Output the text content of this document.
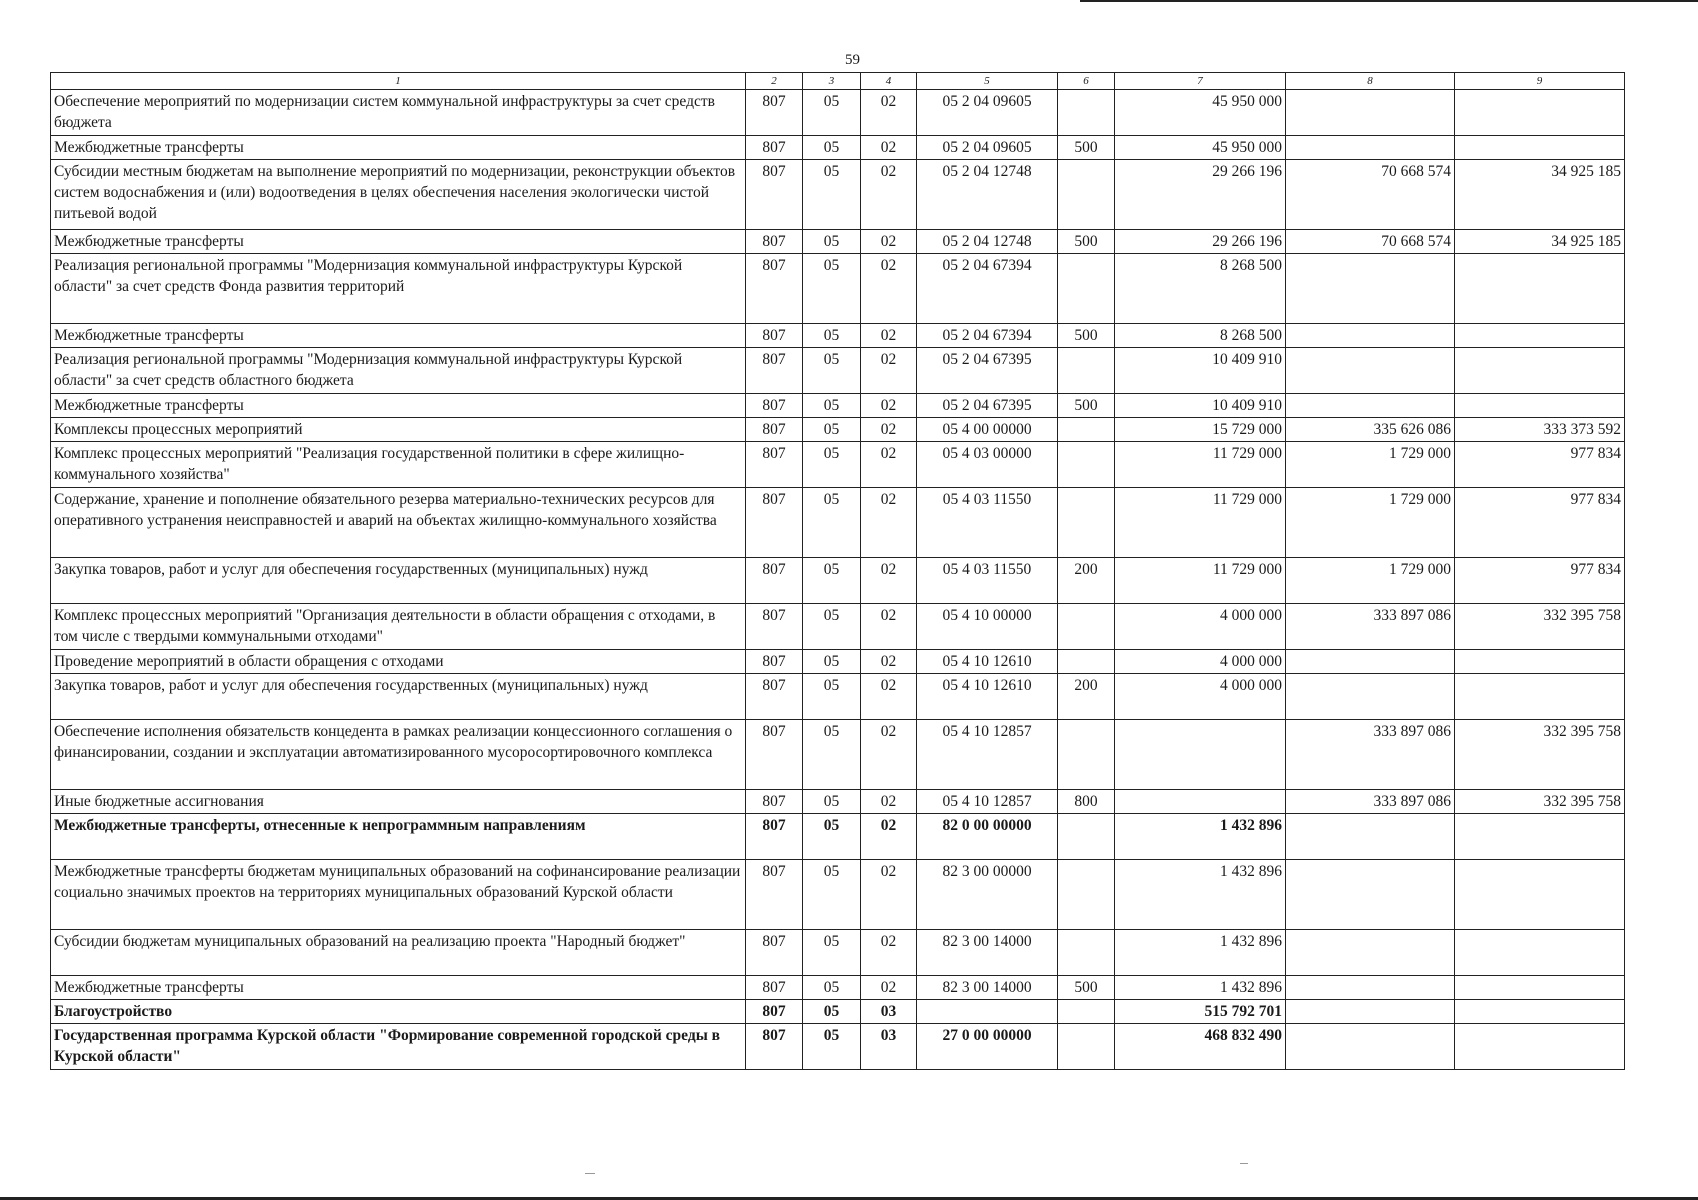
59
1	2	3	4	5	6	7	8	9
Обеспечение мероприятий по модернизации систем коммунальной инфраструктуры за счет средств бюджета	807	05	02	05 2 04 09605		45 950 000		
Межбюджетные трансферты	807	05	02	05 2 04 09605	500	45 950 000		
Субсидии местным бюджетам на выполнение мероприятий по модернизации, реконструкции объектов систем водоснабжения и (или) водоотведения в целях обеспечения населения экологически чистой питьевой водой	807	05	02	05 2 04 12748		29 266 196	70 668 574	34 925 185
Межбюджетные трансферты	807	05	02	05 2 04 12748	500	29 266 196	70 668 574	34 925 185
Реализация региональной программы "Модернизация коммунальной инфраструктуры Курской области" за счет средств Фонда развития территорий	807	05	02	05 2 04 67394		8 268 500		
Межбюджетные трансферты	807	05	02	05 2 04 67394	500	8 268 500		
Реализация региональной программы "Модернизация коммунальной инфраструктуры Курской области" за счет средств областного бюджета	807	05	02	05 2 04 67395		10 409 910		
Межбюджетные трансферты	807	05	02	05 2 04 67395	500	10 409 910		
Комплексы процессных мероприятий	807	05	02	05 4 00 00000		15 729 000	335 626 086	333 373 592
Комплекс процессных мероприятий "Реализация государственной политики в сфере жилищно-коммунального хозяйства"	807	05	02	05 4 03 00000		11 729 000	1 729 000	977 834
Содержание, хранение и пополнение обязательного резерва материально-технических ресурсов для оперативного устранения неисправностей и аварий на объектах жилищно-коммунального хозяйства	807	05	02	05 4 03 11550		11 729 000	1 729 000	977 834
Закупка товаров, работ и услуг для обеспечения государственных (муниципальных) нужд	807	05	02	05 4 03 11550	200	11 729 000	1 729 000	977 834
Комплекс процессных мероприятий "Организация деятельности в области обращения с отходами, в том числе с твердыми коммунальными отходами"	807	05	02	05 4 10 00000		4 000 000	333 897 086	332 395 758
Проведение мероприятий в области обращения с отходами	807	05	02	05 4 10 12610		4 000 000		
Закупка товаров, работ и услуг для обеспечения государственных (муниципальных) нужд	807	05	02	05 4 10 12610	200	4 000 000		
Обеспечение исполнения обязательств концедента в рамках реализации концессионного соглашения о финансировании, создании и эксплуатации автоматизированного мусоросортировочного комплекса	807	05	02	05 4 10 12857			333 897 086	332 395 758
Иные бюджетные ассигнования	807	05	02	05 4 10 12857	800		333 897 086	332 395 758
Межбюджетные трансферты, отнесенные к непрограммным направлениям	807	05	02	82 0 00 00000		1 432 896		
Межбюджетные трансферты бюджетам муниципальных образований на софинансирование реализации социально значимых проектов на территориях муниципальных образований Курской области	807	05	02	82 3 00 00000		1 432 896		
Субсидии бюджетам муниципальных образований на реализацию проекта "Народный бюджет"	807	05	02	82 3 00 14000		1 432 896		
Межбюджетные трансферты	807	05	02	82 3 00 14000	500	1 432 896		
Благоустройство	807	05	03			515 792 701		
Государственная программа Курской области "Формирование современной городской среды в Курской области"	807	05	03	27 0 00 00000		468 832 490		
